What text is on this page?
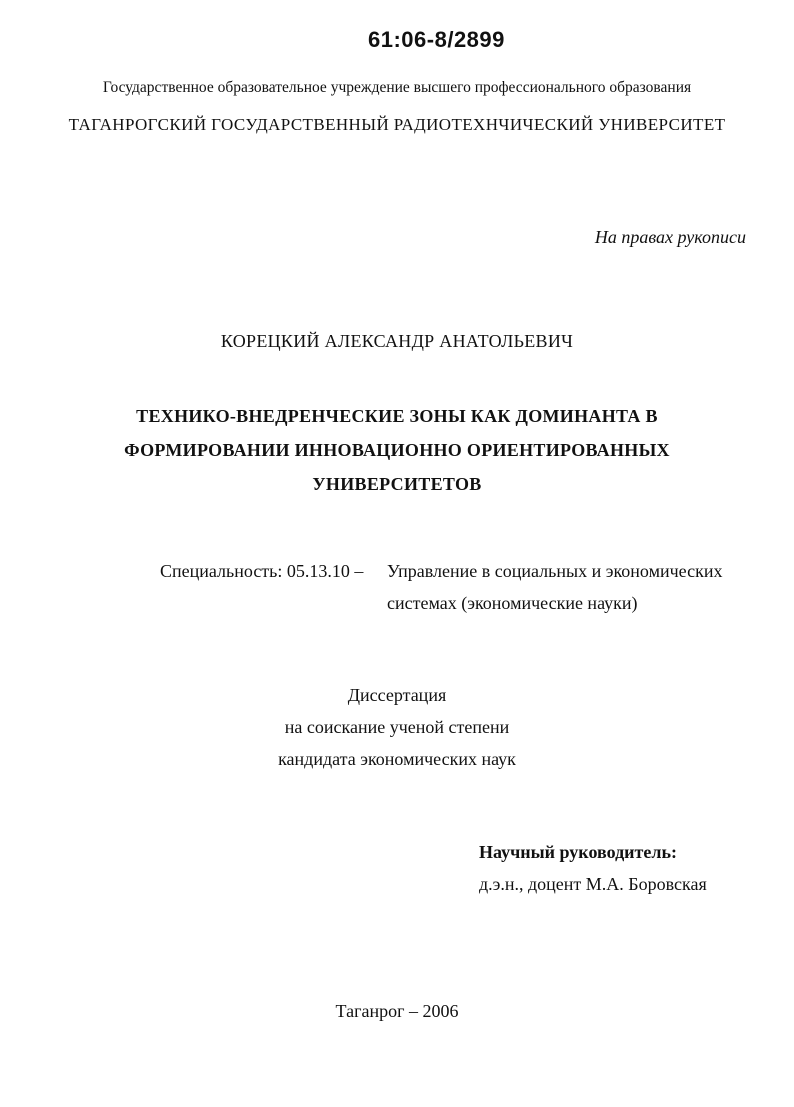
61:06-8/2899
Государственное образовательное учреждение высшего профессионального образования
ТАГАНРОГСКИЙ ГОСУДАРСТВЕННЫЙ РАДИОТЕХНЧИЧЕСКИЙ УНИВЕРСИТЕТ
На правах рукописи
КОРЕЦКИЙ АЛЕКСАНДР АНАТОЛЬЕВИЧ
ТЕХНИКО-ВНЕДРЕНЧЕСКИЕ ЗОНЫ КАК ДОМИНАНТА В
ФОРМИРОВАНИИ ИННОВАЦИОННО ОРИЕНТИРОВАННЫХ
УНИВЕРСИТЕТОВ
Специальность: 05.13.10 – Управление в социальных и экономических
системах (экономические науки)
Диссертация
на соискание ученой степени
кандидата экономических наук
Научный руководитель:
д.э.н., доцент М.А. Боровская
Таганрог – 2006
